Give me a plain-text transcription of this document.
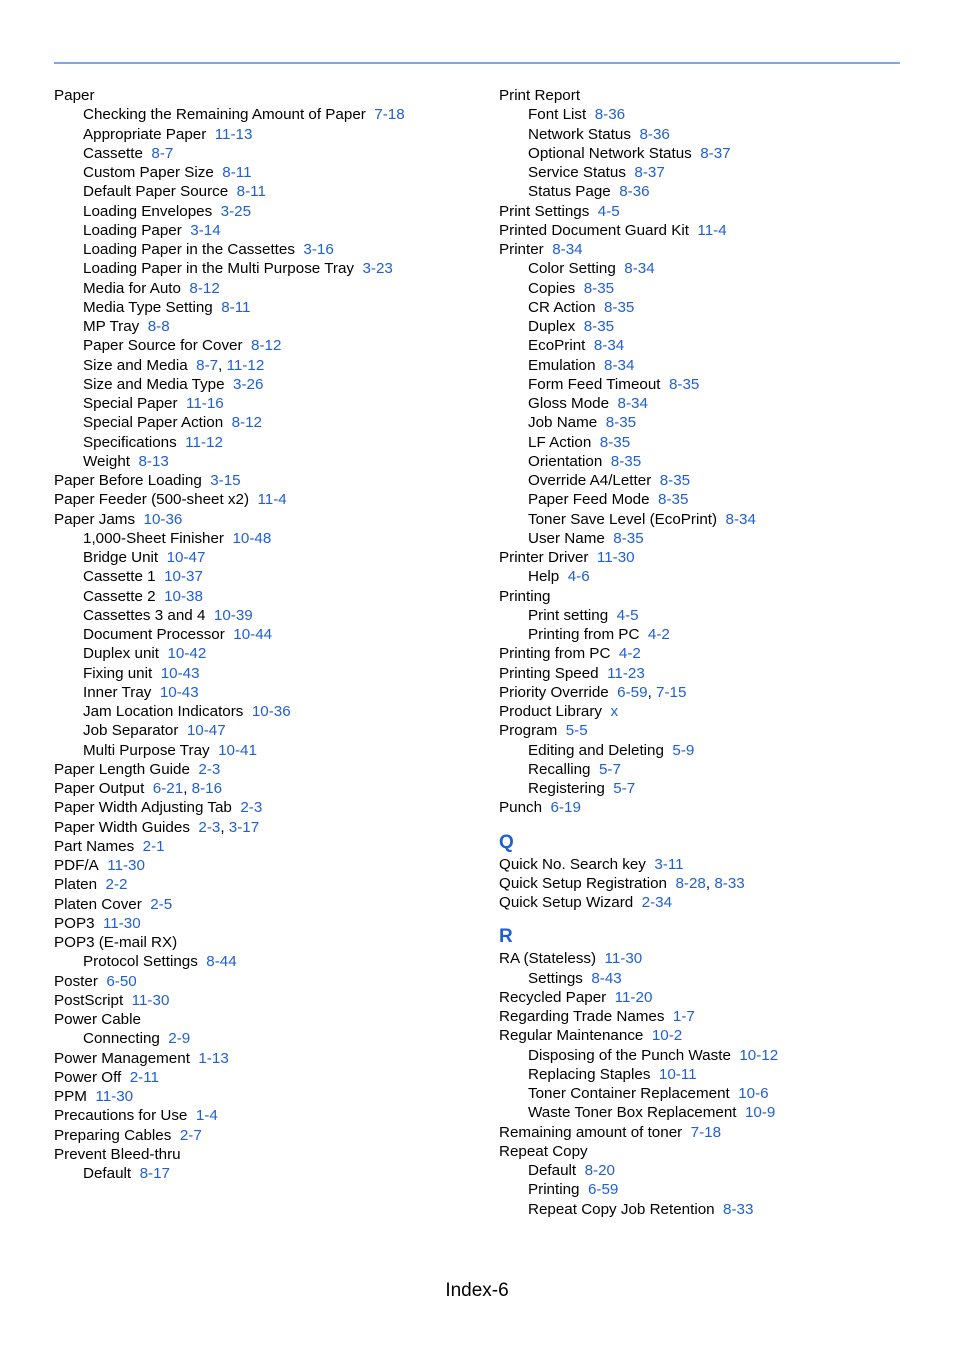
Paper
Checking the Remaining Amount of Paper 7-18
Appropriate Paper 11-13
Cassette 8-7
Custom Paper Size 8-11
Default Paper Source 8-11
Loading Envelopes 3-25
Loading Paper 3-14
Loading Paper in the Cassettes 3-16
Loading Paper in the Multi Purpose Tray 3-23
Media for Auto 8-12
Media Type Setting 8-11
MP Tray 8-8
Paper Source for Cover 8-12
Size and Media 8-7, 11-12
Size and Media Type 3-26
Special Paper 11-16
Special Paper Action 8-12
Specifications 11-12
Weight 8-13
Paper Before Loading 3-15
Paper Feeder (500-sheet x2) 11-4
Paper Jams 10-36
1,000-Sheet Finisher 10-48
Bridge Unit 10-47
Cassette 1 10-37
Cassette 2 10-38
Cassettes 3 and 4 10-39
Document Processor 10-44
Duplex unit 10-42
Fixing unit 10-43
Inner Tray 10-43
Jam Location Indicators 10-36
Job Separator 10-47
Multi Purpose Tray 10-41
Paper Length Guide 2-3
Paper Output 6-21, 8-16
Paper Width Adjusting Tab 2-3
Paper Width Guides 2-3, 3-17
Part Names 2-1
PDF/A 11-30
Platen 2-2
Platen Cover 2-5
POP3 11-30
POP3 (E-mail RX)
Protocol Settings 8-44
Poster 6-50
PostScript 11-30
Power Cable
Connecting 2-9
Power Management 1-13
Power Off 2-11
PPM 11-30
Precautions for Use 1-4
Preparing Cables 2-7
Prevent Bleed-thru
Default 8-17
Print Report
Font List 8-36
Network Status 8-36
Optional Network Status 8-37
Service Status 8-37
Status Page 8-36
Print Settings 4-5
Printed Document Guard Kit 11-4
Printer 8-34
Color Setting 8-34
Copies 8-35
CR Action 8-35
Duplex 8-35
EcoPrint 8-34
Emulation 8-34
Form Feed Timeout 8-35
Gloss Mode 8-34
Job Name 8-35
LF Action 8-35
Orientation 8-35
Override A4/Letter 8-35
Paper Feed Mode 8-35
Toner Save Level (EcoPrint) 8-34
User Name 8-35
Printer Driver 11-30
Help 4-6
Printing
Print setting 4-5
Printing from PC 4-2
Printing from PC 4-2
Printing Speed 11-23
Priority Override 6-59, 7-15
Product Library x
Program 5-5
Editing and Deleting 5-9
Recalling 5-7
Registering 5-7
Punch 6-19
Q
Quick No. Search key 3-11
Quick Setup Registration 8-28, 8-33
Quick Setup Wizard 2-34
R
RA (Stateless) 11-30
Settings 8-43
Recycled Paper 11-20
Regarding Trade Names 1-7
Regular Maintenance 10-2
Disposing of the Punch Waste 10-12
Replacing Staples 10-11
Toner Container Replacement 10-6
Waste Toner Box Replacement 10-9
Remaining amount of toner 7-18
Repeat Copy
Default 8-20
Printing 6-59
Repeat Copy Job Retention 8-33
Index-6
